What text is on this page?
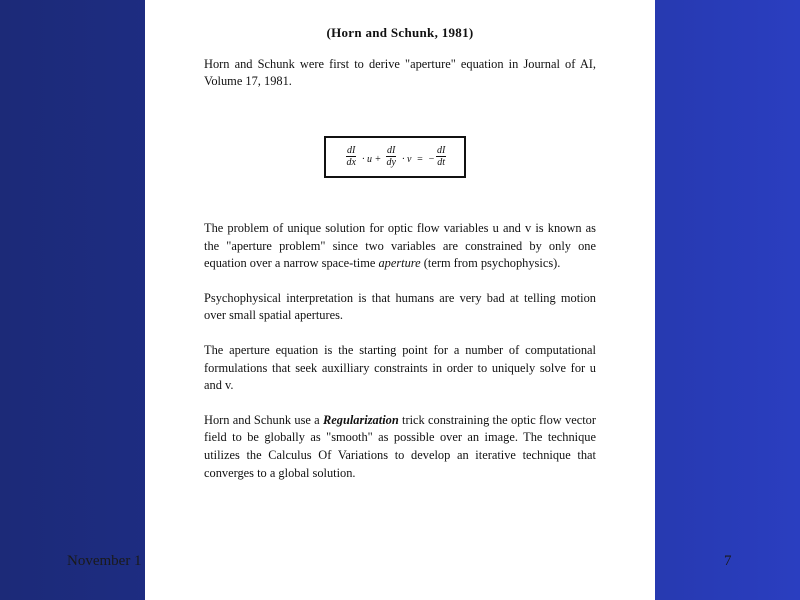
November 1	7
(Horn and Schunk, 1981)
Horn and Schunk were first to derive "aperture" equation in Journal of AI, Volume 17, 1981.
$\frac{dI}{dx} \cdot u + \frac{dI}{dy} \cdot v$  =  − $\frac{dI}{dt}$
The problem of unique solution for optic flow variables u and v is known as the "aperture problem" since two variables are constrained by only one equation over a narrow space-time aperture (term from psychophysics).
Psychophysical interpretation is that humans are very bad at telling motion over small spatial apertures.
The aperture equation is the starting point for a number of computational formulations that seek auxilliary constraints in order to uniquely solve for u and v.
Horn and Schunk use a Regularization trick constraining the optic flow vector field to be globally as "smooth" as possible over an image. The technique utilizes the Calculus Of Variations to develop an iterative technique that converges to a global solution.
